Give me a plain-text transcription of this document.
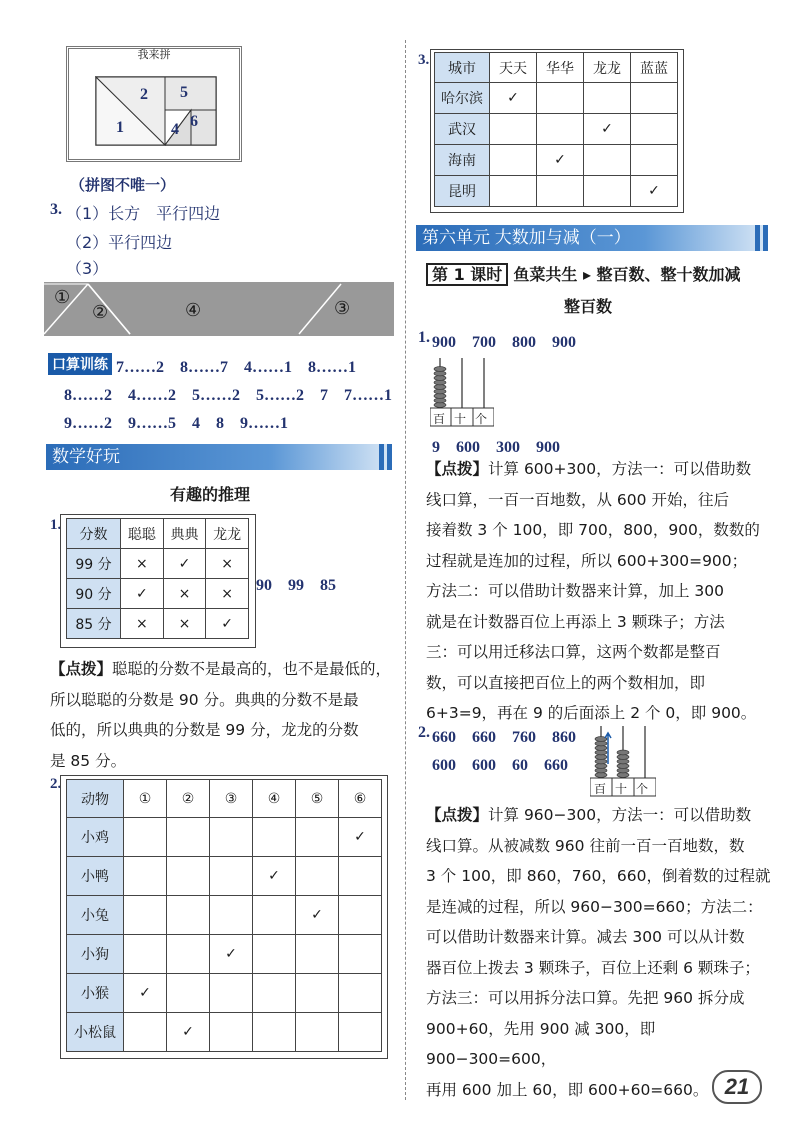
我来拼
1
2 5
4 6
（拼图不唯一）
3. （1）长方　平行四边
（2）平行四边
（3）
①
②	④	③
口算训练 7……2　8……7　4……1　8……1
8……2　4……2　5……2　5……2　7　7……1
9……2　9……5　4　8　9……1
数学好玩
有趣的推理
1.
分数	聪聪	典典	龙龙
99 分	×	✓	×
90 分	✓	×	×
85 分	×	×	✓
90　99　85
【点拨】聪聪的分数不是最高的，也不是最低的，
所以聪聪的分数是 90 分。典典的分数不是最
低的，所以典典的分数是 99 分，龙龙的分数
是 85 分。
2.
动物	①	②	③	④	⑤	⑥
小鸡						✓
小鸭				✓		
小兔					✓	
小狗			✓			
小猴	✓					
小松鼠		✓				
3.
城市	天天	华华	龙龙	蓝蓝
哈尔滨	✓			
武汉			✓	
海南		✓		
昆明				✓
第六单元 大数加与减（一）
第 1 课时 鱼菜共生 ▸ 整百数、整十数加减
整百数
1. 900　700　800　900
百十个
9　600　300　900
【点拨】计算 600+300，方法一：可以借助数
线口算，一百一百地数，从 600 开始，往后
接着数 3 个 100，即 700，800，900，数数的
过程就是连加的过程，所以 600+300=900；
方法二：可以借助计数器来计算，加上 300
就是在计数器百位上再添上 3 颗珠子；方法
三：可以用迁移法口算，这两个数都是整百
数，可以直接把百位上的两个数相加，即
6+3=9，再在 9 的后面添上 2 个 0，即 900。
2. 660　660　760　860
600　600　60　660
百十个
【点拨】计算 960−300，方法一：可以借助数
线口算。从被减数 960 往前一百一百地数，数
3 个 100，即 860，760，660，倒着数的过程就
是连减的过程，所以 960−300=660；方法二：
可以借助计数器来计算。减去 300 可以从计数
器百位上拨去 3 颗珠子，百位上还剩 6 颗珠子；
方法三：可以用拆分法口算。先把 960 拆分成
900+60，先用 900 减 300，即 900−300=600，
再用 600 加上 60，即 600+60=660。 21
